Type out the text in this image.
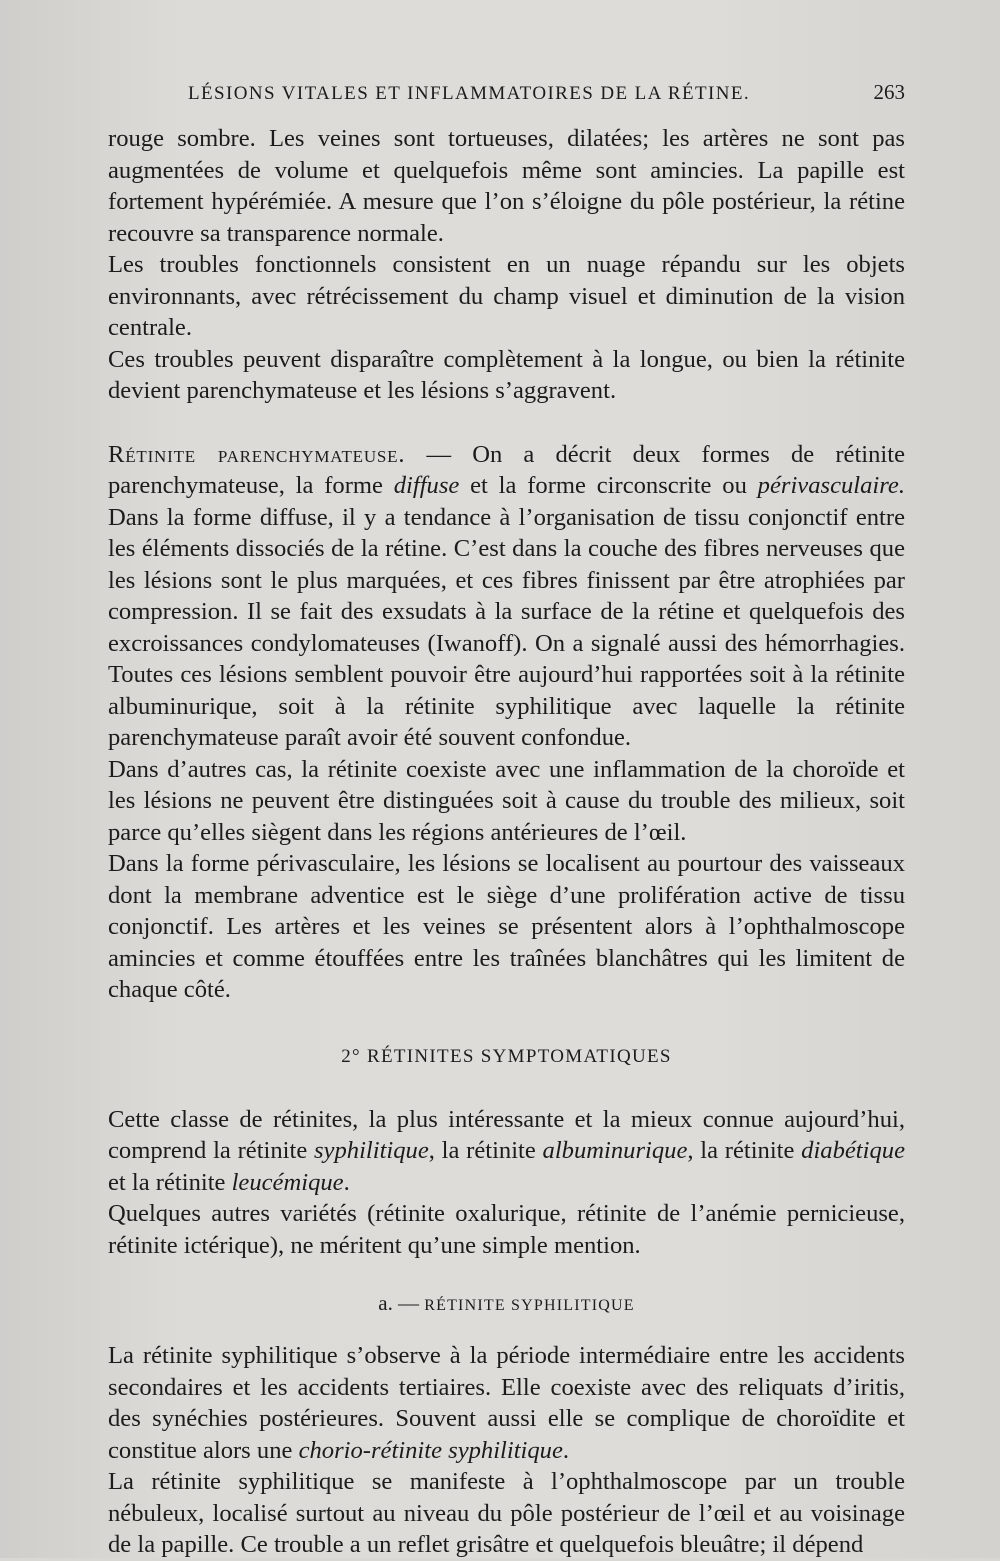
LÉSIONS VITALES ET INFLAMMATOIRES DE LA RÉTINE.	263

rouge sombre. Les veines sont tortueuses, dilatées; les artères ne sont pas augmentées de volume et quelquefois même sont amincies. La papille est fortement hypérémiée. A mesure que l’on s’éloigne du pôle postérieur, la rétine recouvre sa transparence normale.

Les troubles fonctionnels consistent en un nuage répandu sur les objets environnants, avec rétrécissement du champ visuel et diminution de la vision centrale.

Ces troubles peuvent disparaître complètement à la longue, ou bien la rétinite devient parenchymateuse et les lésions s’aggravent.

Rétinite parenchymateuse. — On a décrit deux formes de rétinite parenchymateuse, la forme diffuse et la forme circonscrite ou périvasculaire. Dans la forme diffuse, il y a tendance à l’organisation de tissu conjonctif entre les éléments dissociés de la rétine. C’est dans la couche des fibres nerveuses que les lésions sont le plus marquées, et ces fibres finissent par être atrophiées par compression. Il se fait des exsudats à la surface de la rétine et quelquefois des excroissances condylomateuses (Iwanoff). On a signalé aussi des hémorrhagies. Toutes ces lésions semblent pouvoir être aujourd’hui rapportées soit à la rétinite albuminurique, soit à la rétinite syphilitique avec laquelle la rétinite parenchymateuse paraît avoir été souvent confondue.

Dans d’autres cas, la rétinite coexiste avec une inflammation de la choroïde et les lésions ne peuvent être distinguées soit à cause du trouble des milieux, soit parce qu’elles siègent dans les régions antérieures de l’œil.

Dans la forme périvasculaire, les lésions se localisent au pourtour des vaisseaux dont la membrane adventice est le siège d’une prolifération active de tissu conjonctif. Les artères et les veines se présentent alors à l’ophthalmoscope amincies et comme étouffées entre les traînées blanchâtres qui les limitent de chaque côté.

2° RÉTINITES SYMPTOMATIQUES

Cette classe de rétinites, la plus intéressante et la mieux connue aujourd’hui, comprend la rétinite syphilitique, la rétinite albuminurique, la rétinite diabétique et la rétinite leucémique.

Quelques autres variétés (rétinite oxalurique, rétinite de l’anémie pernicieuse, rétinite ictérique), ne méritent qu’une simple mention.

a. — RÉTINITE SYPHILITIQUE

La rétinite syphilitique s’observe à la période intermédiaire entre les accidents secondaires et les accidents tertiaires. Elle coexiste avec des reliquats d’iritis, des synéchies postérieures. Souvent aussi elle se complique de choroïdite et constitue alors une chorio-rétinite syphilitique.

La rétinite syphilitique se manifeste à l’ophthalmoscope par un trouble nébuleux, localisé surtout au niveau du pôle postérieur de l’œil et au voisinage de la papille. Ce trouble a un reflet grisâtre et quelquefois bleuâtre; il dépend
